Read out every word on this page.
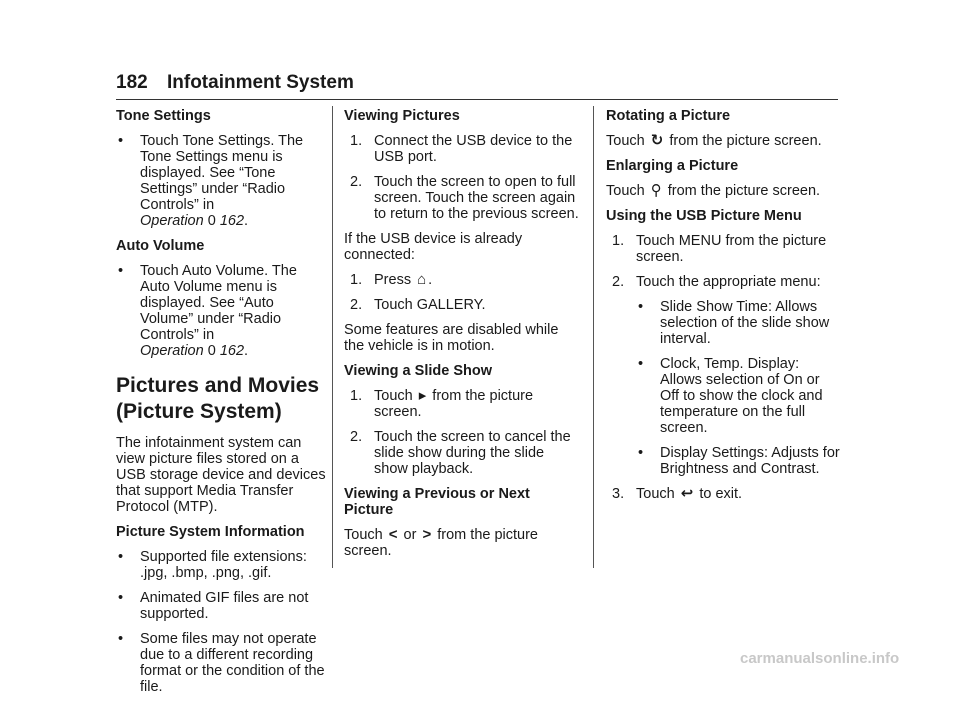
182 Infotainment System
Tone Settings
• Touch Tone Settings. The Tone Settings menu is displayed. See “Tone Settings” under “Radio Controls” in Operation 0 162.
Auto Volume
• Touch Auto Volume. The Auto Volume menu is displayed. See “Auto Volume” under “Radio Controls” in Operation 0 162.
Pictures and Movies
(Picture System)
The infotainment system can view picture files stored on a USB storage device and devices that support Media Transfer Protocol (MTP).
Picture System Information
• Supported file extensions: .jpg, .bmp, .png, .gif.
• Animated GIF files are not supported.
• Some files may not operate due to a different recording format or the condition of the file.
Viewing Pictures
1. Connect the USB device to the USB port.
2. Touch the screen to open to full screen. Touch the screen again to return to the previous screen.
If the USB device is already connected:
1. Press ⌂ .
2. Touch GALLERY.
Some features are disabled while the vehicle is in motion.
Viewing a Slide Show
1. Touch ▸ from the picture screen.
2. Touch the screen to cancel the slide show during the slide show playback.
Viewing a Previous or Next Picture
Touch < or > from the picture screen.
Rotating a Picture
Touch ↻ from the picture screen.
Enlarging a Picture
Touch ⚲ from the picture screen.
Using the USB Picture Menu
1. Touch MENU from the picture screen.
2. Touch the appropriate menu:
• Slide Show Time: Allows selection of the slide show interval.
• Clock, Temp. Display: Allows selection of On or Off to show the clock and temperature on the full screen.
• Display Settings: Adjusts for Brightness and Contrast.
3. Touch ↩ to exit.
carmanualsonline.info
